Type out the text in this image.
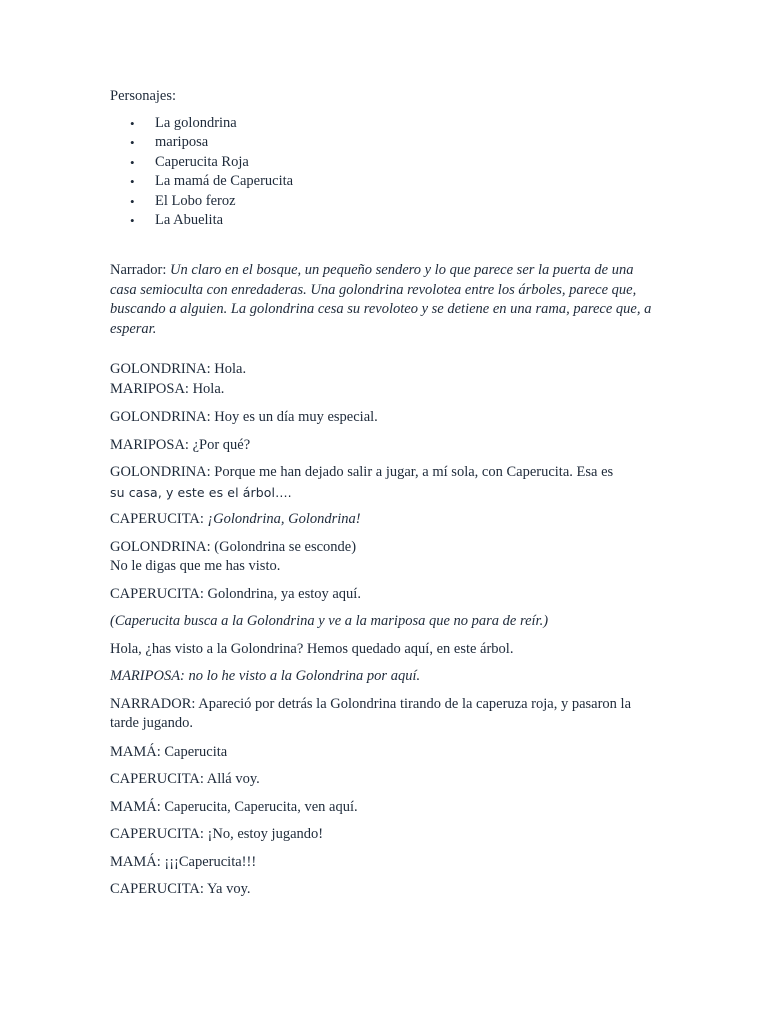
Personajes:

• La golondrina
• mariposa
• Caperucita Roja
• La mamá de Caperucita
• El Lobo feroz
• La Abuelita

Narrador: Un claro en el bosque, un pequeño sendero y lo que parece ser la puerta de una casa semioculta con enredaderas. Una golondrina revolotea entre los árboles, parece que, buscando a alguien. La golondrina cesa su revoloteo y se detiene en una rama, parece que, a esperar.

GOLONDRINA: Hola.

MARIPOSA: Hola.

GOLONDRINA: Hoy es un día muy especial.

MARIPOSA: ¿Por qué?

GOLONDRINA: Porque me han dejado salir a jugar, a mí sola, con Caperucita. Esa es

su casa, y este es el árbol….

CAPERUCITA: ¡Golondrina, Golondrina!

GOLONDRINA: (Golondrina se esconde)

No le digas que me has visto.

CAPERUCITA: Golondrina, ya estoy aquí.

(Caperucita busca a la Golondrina y ve a la mariposa que no para de reír.)

Hola, ¿has visto a la Golondrina? Hemos quedado aquí, en este árbol.

MARIPOSA: no lo he visto a la Golondrina por aquí.

NARRADOR: Apareció por detrás la Golondrina tirando de la caperuza roja, y pasaron la tarde jugando.

MAMÁ: Caperucita

CAPERUCITA: Allá voy.

MAMÁ: Caperucita, Caperucita, ven aquí.

CAPERUCITA: ¡No, estoy jugando!

MAMÁ: ¡¡¡Caperucita!!!

CAPERUCITA: Ya voy.
